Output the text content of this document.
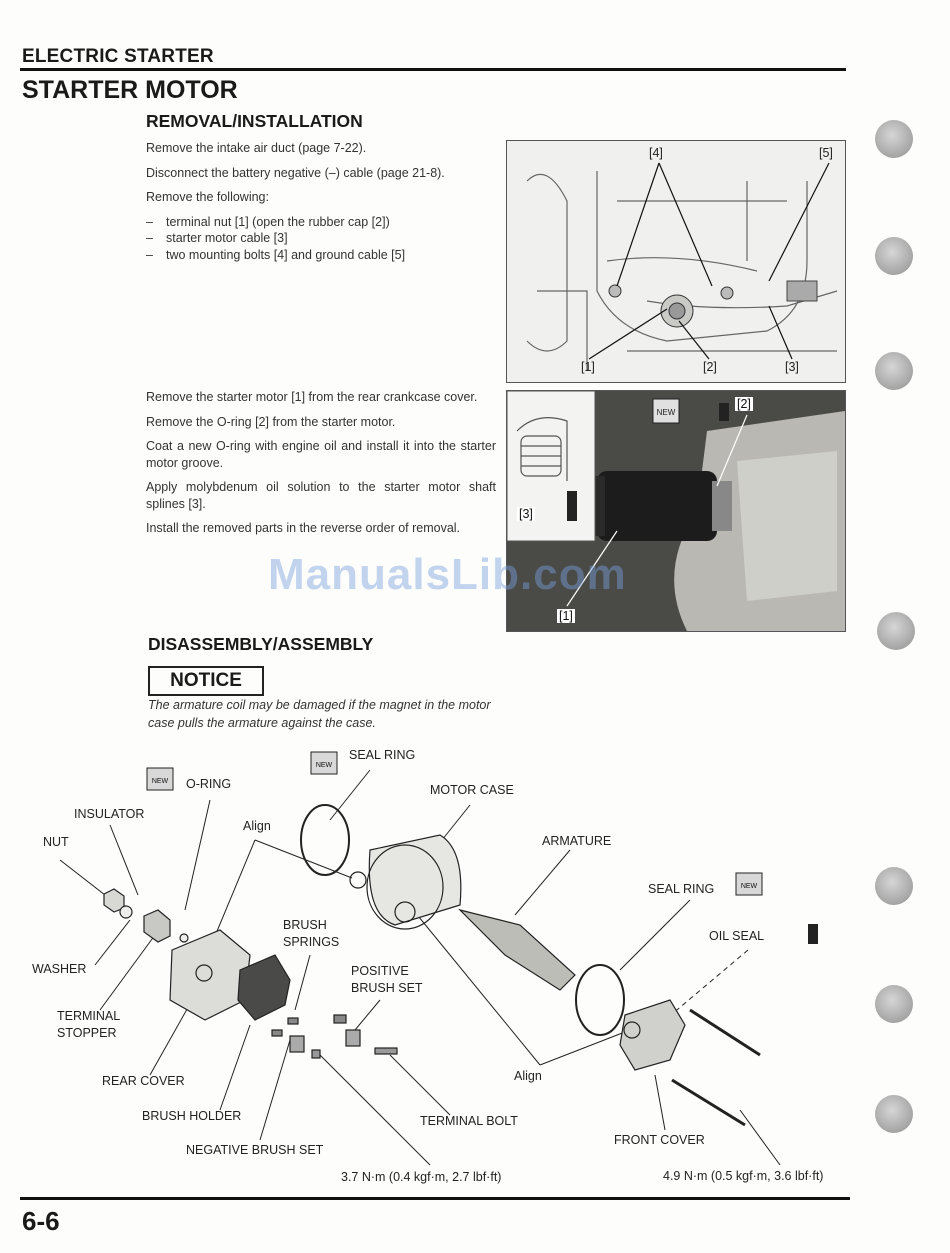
ELECTRIC STARTER
STARTER MOTOR
REMOVAL/INSTALLATION

Remove the intake air duct (page 7-22).

Disconnect the battery negative (–) cable (page 21-8).

Remove the following:

– terminal nut [1] (open the rubber cap [2])
– starter motor cable [3]
– two mounting bolts [4] and ground cable [5]
[4]	[5]
[1]	[2]	[3]

Remove the starter motor [1] from the rear crankcase cover.

Remove the O-ring [2] from the starter motor.

Coat a new O-ring with engine oil and install it into the starter motor groove.

Apply molybdenum oil solution to the starter motor shaft splines [3].

Install the removed parts in the reverse order of removal.

NEW
[2]
[3]
[1]
DISASSEMBLY/ASSEMBLY
NOTICE
The armature coil may be damaged if the magnet in the motor case pulls the armature against the case.
NEW
NEW
NEW
O-RING
SEAL RING
MOTOR CASE
INSULATOR
Align
NUT	ARMATURE
SEAL RING
OIL SEAL
BRUSH SPRINGS
WASHER	POSITIVE BRUSH SET
TERMINAL STOPPER
Align
REAR COVER
BRUSH HOLDER	TERMINAL BOLT
FRONT COVER
NEGATIVE BRUSH SET
3.7 N·m (0.4 kgf·m, 2.7 lbf·ft)	4.9 N·m (0.5 kgf·m, 3.6 lbf·ft)
ManualsLib.com
6-6
